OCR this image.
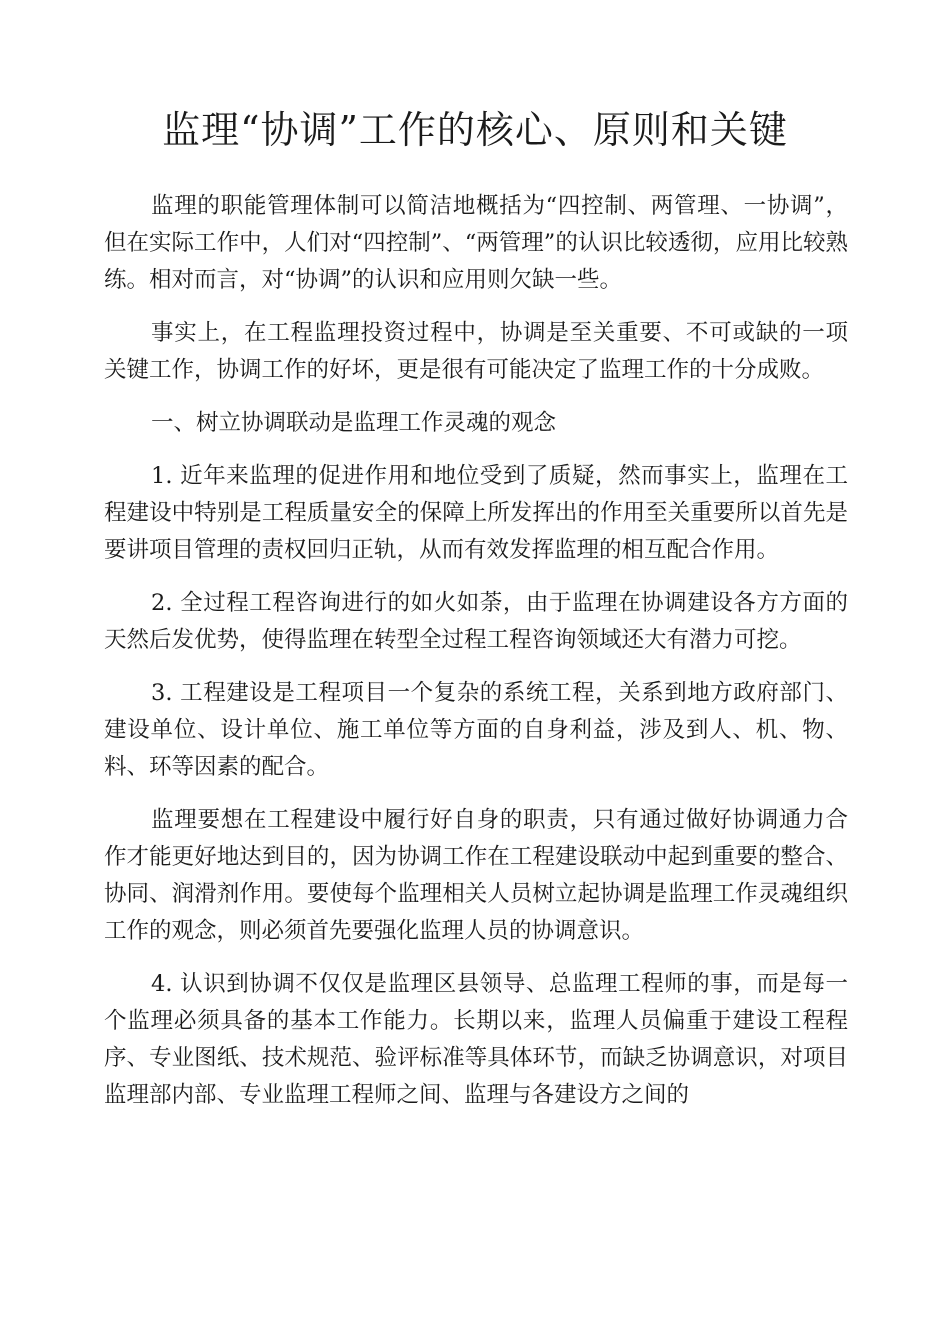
监理“协调”工作的核心、原则和关键

监理的职能管理体制可以简洁地概括为“四控制、两管理、一协调”，但在实际工作中，人们对“四控制”、“两管理”的认识比较透彻，应用比较熟练。相对而言，对“协调”的认识和应用则欠缺一些。

事实上，在工程监理投资过程中，协调是至关重要、不可或缺的一项关键工作，协调工作的好坏，更是很有可能决定了监理工作的十分成败。

一、树立协调联动是监理工作灵魂的观念

1. 近年来监理的促进作用和地位受到了质疑，然而事实上，监理在工程建设中特别是工程质量安全的保障上所发挥出的作用至关重要所以首先是要讲项目管理的责权回归正轨，从而有效发挥监理的相互配合作用。

2. 全过程工程咨询进行的如火如荼，由于监理在协调建设各方方面的天然后发优势，使得监理在转型全过程工程咨询领域还大有潜力可挖。

3. 工程建设是工程项目一个复杂的系统工程，关系到地方政府部门、建设单位、设计单位、施工单位等方面的自身利益，涉及到人、机、物、料、环等因素的配合。

监理要想在工程建设中履行好自身的职责，只有通过做好协调通力合作才能更好地达到目的，因为协调工作在工程建设联动中起到重要的整合、协同、润滑剂作用。要使每个监理相关人员树立起协调是监理工作灵魂组织工作的观念，则必须首先要强化监理人员的协调意识。

4. 认识到协调不仅仅是监理区县领导、总监理工程师的事，而是每一个监理必须具备的基本工作能力。长期以来，监理人员偏重于建设工程程序、专业图纸、技术规范、验评标准等具体环节，而缺乏协调意识，对项目监理部内部、专业监理工程师之间、监理与各建设方之间的
